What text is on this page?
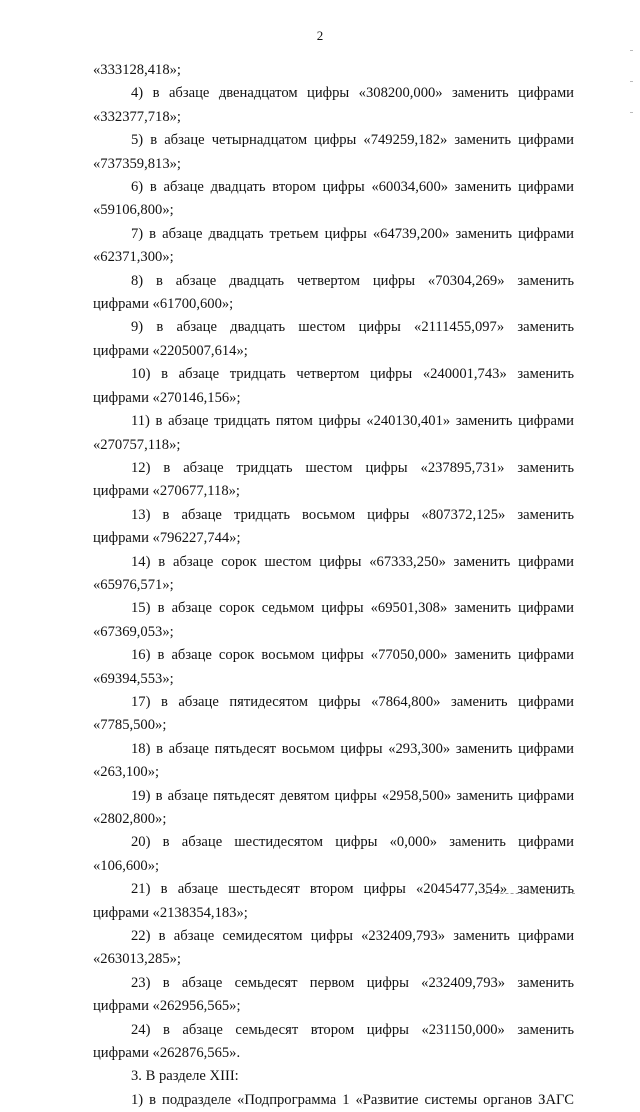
2
«333128,418»;
4) в абзаце двенадцатом цифры «308200,000» заменить цифрами
«332377,718»;
5) в абзаце четырнадцатом цифры «749259,182» заменить цифрами
«737359,813»;
6) в абзаце двадцать втором цифры «60034,600» заменить цифрами
«59106,800»;
7) в абзаце двадцать третьем цифры «64739,200» заменить цифрами
«62371,300»;
8) в абзаце двадцать четвертом цифры «70304,269» заменить
цифрами «61700,600»;
9) в абзаце двадцать шестом цифры «2111455,097» заменить
цифрами «2205007,614»;
10) в абзаце тридцать четвертом цифры «240001,743» заменить
цифрами «270146,156»;
11) в абзаце тридцать пятом цифры «240130,401» заменить цифрами
«270757,118»;
12) в абзаце тридцать шестом цифры «237895,731» заменить
цифрами «270677,118»;
13) в абзаце тридцать восьмом цифры «807372,125» заменить
цифрами «796227,744»;
14) в абзаце сорок шестом цифры «67333,250» заменить цифрами
«65976,571»;
15) в абзаце сорок седьмом цифры «69501,308» заменить цифрами
«67369,053»;
16) в абзаце сорок восьмом цифры «77050,000» заменить цифрами
«69394,553»;
17) в абзаце пятидесятом цифры «7864,800» заменить цифрами
«7785,500»;
18) в абзаце пятьдесят восьмом цифры «293,300» заменить цифрами
«263,100»;
19) в абзаце пятьдесят девятом цифры «2958,500» заменить цифрами
«2802,800»;
20) в абзаце шестидесятом цифры «0,000» заменить цифрами
«106,600»;
21) в абзаце шестьдесят втором цифры «2045477,354» заменить
цифрами «2138354,183»;
22) в абзаце семидесятом цифры «232409,793» заменить цифрами
«263013,285»;
23) в абзаце семьдесят первом цифры «232409,793» заменить
цифрами «262956,565»;
24) в абзаце семьдесят втором цифры «231150,000» заменить
цифрами «262876,565».
3. В разделе XIII:
1) в подразделе «Подпрограмма 1 «Развитие системы органов ЗАГС
